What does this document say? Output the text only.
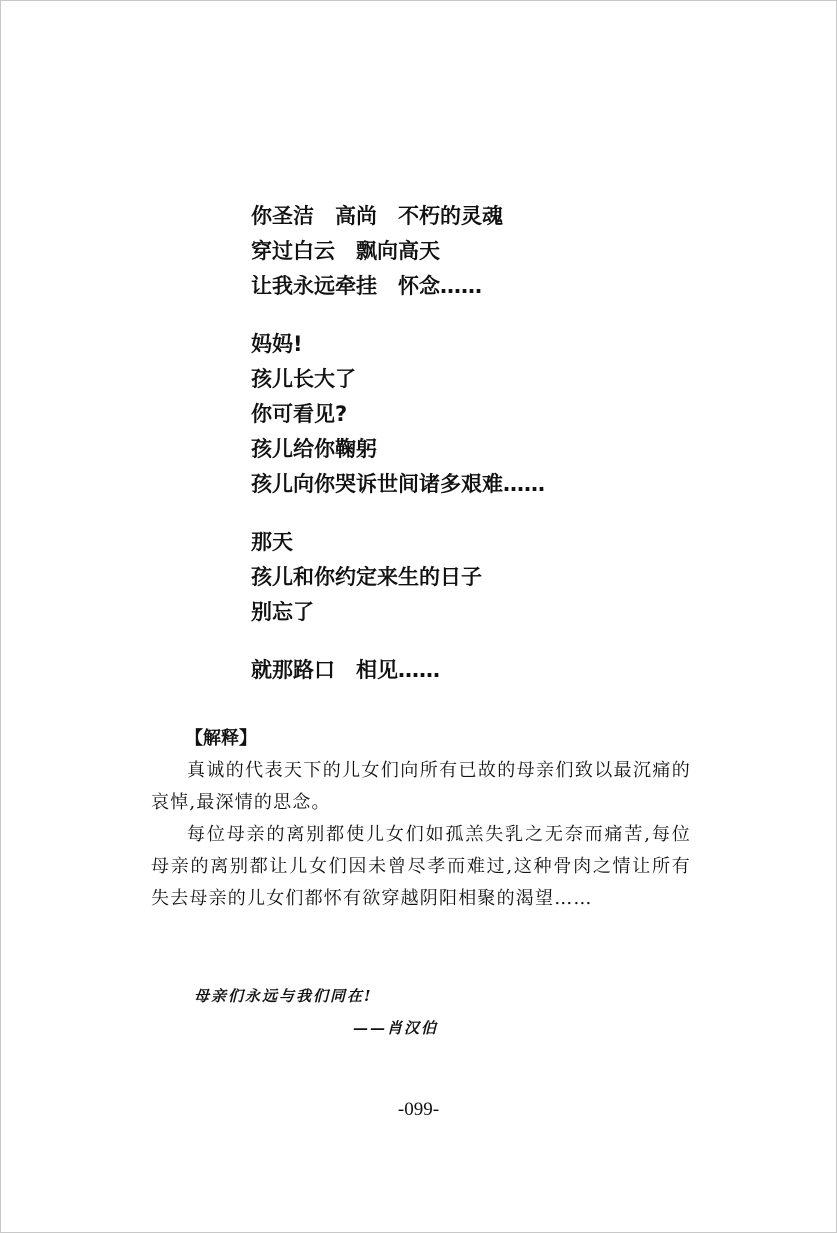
你圣洁　高尚　不朽的灵魂
穿过白云　飘向高天
让我永远牵挂　怀念……
妈妈!
孩儿长大了
你可看见?
孩儿给你鞠躬
孩儿向你哭诉世间诸多艰难……
那天
孩儿和你约定来生的日子
别忘了
就那路口　相见……
【解释】

真诚的代表天下的儿女们向所有已故的母亲们致以最沉痛的哀悼,最深情的思念。

每位母亲的离别都使儿女们如孤羔失乳之无奈而痛苦,每位母亲的离别都让儿女们因未曾尽孝而难过,这种骨肉之情让所有失去母亲的儿女们都怀有欲穿越阴阳相聚的渴望……

母亲们永远与我们同在!
——肖汉伯
-099-
